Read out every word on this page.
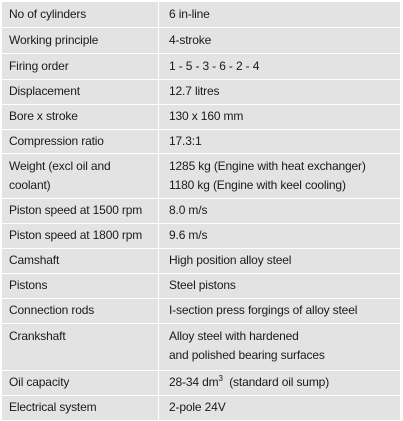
No of cylinders	6 in-line

Working principle	4-stroke

Firing order	1 - 5 - 3 - 6 - 2 - 4

Displacement	12.7 litres

Bore x stroke	130 x 160 mm

Compression ratio	17.3:1

Weight (excl oil and coolant)	1285 kg (Engine with heat exchanger)
1180 kg (Engine with keel cooling)

Piston speed at 1500 rpm	8.0 m/s

Piston speed at 1800 rpm	9.6 m/s

Camshaft	High position alloy steel

Pistons	Steel pistons

Connection rods	I-section press forgings of alloy steel

Crankshaft	Alloy steel with hardened
and polished bearing surfaces

Oil capacity	28-34 $dm^3$ (standard oil sump)
Electrical system	2-pole 24V
